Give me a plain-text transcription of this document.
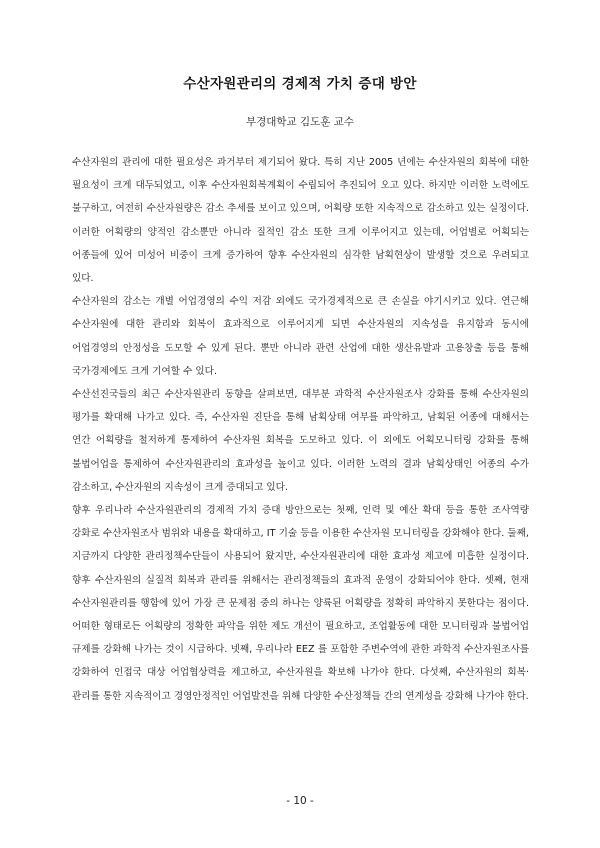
수산자원관리의 경제적 가치 증대 방안

부경대학교 김도훈 교수

수산자원의 관리에 대한 필요성은 과거부터 제기되어 왔다. 특히 지난 2005 년에는 수산자원의 회복에 대한 필요성이 크게 대두되었고, 이후 수산자원회복계획이 수립되어 추진되어 오고 있다. 하지만 이러한 노력에도 불구하고, 여전히 수산자원량은 감소 추세를 보이고 있으며, 어획량 또한 지속적으로 감소하고 있는 실정이다. 이러한 어획량의 양적인 감소뿐만 아니라 질적인 감소 또한 크게 이루어지고 있는데, 어업별로 어획되는 어종들에 있어 미성어 비중이 크게 증가하여 향후 수산자원의 심각한 남획현상이 발생할 것으로 우려되고 있다.

수산자원의 감소는 개별 어업경영의 수익 저감 외에도 국가경제적으로 큰 손실을 야기시키고 있다. 연근해 수산자원에 대한 관리와 회복이 효과적으로 이루어지게 되면 수산자원의 지속성을 유지함과 동시에 어업경영의 안정성을 도모할 수 있게 된다. 뿐만 아니라 관련 산업에 대한 생산유발과 고용창출 등을 통해 국가경제에도 크게 기여할 수 있다.

수산선진국들의 최근 수산자원관리 동향을 살펴보면, 대부분 과학적 수산자원조사 강화를 통해 수산자원의 평가를 확대해 나가고 있다. 즉, 수산자원 진단을 통해 남획상태 여부를 파악하고, 남획된 어종에 대해서는 연간 어획량을 철저하게 통제하여 수산자원 회복을 도모하고 있다. 이 외에도 어획모니터링 강화를 통해 불법어업을 통제하여 수산자원관리의 효과성을 높이고 있다. 이러한 노력의 결과 남획상태인 어종의 수가 감소하고, 수산자원의 지속성이 크게 증대되고 있다.

향후 우리나라 수산자원관리의 경제적 가치 증대 방안으로는 첫째, 인력 및 예산 확대 등을 통한 조사역량 강화로 수산자원조사 범위와 내용을 확대하고, IT 기술 등을 이용한 수산자원 모니터링을 강화해야 한다. 둘째, 지금까지 다양한 관리정책수단들이 사용되어 왔지만, 수산자원관리에 대한 효과성 제고에 미흡한 실정이다. 향후 수산자원의 실질적 회복과 관리를 위해서는 관리정책들의 효과적 운영이 강화되어야 한다. 셋째, 현재 수산자원관리를 행함에 있어 가장 큰 문제점 중의 하나는 양륙된 어획량을 정확히 파악하지 못한다는 점이다. 어떠한 형태로든 어획량의 정확한 파악을 위한 제도 개선이 필요하고, 조업활동에 대한 모니터링과 불법어업 규제를 강화해 나가는 것이 시급하다. 넷째, 우리나라 EEZ 를 포함한 주변수역에 관한 과학적 수산자원조사를 강화하여 인접국 대상 어업협상력을 제고하고, 수산자원을 확보해 나가야 한다. 다섯째, 수산자원의 회복·관리를 통한 지속적이고 경영안정적인 어업발전을 위해 다양한 수산정책들 간의 연계성을 강화해 나가야 한다.

- 10 -
